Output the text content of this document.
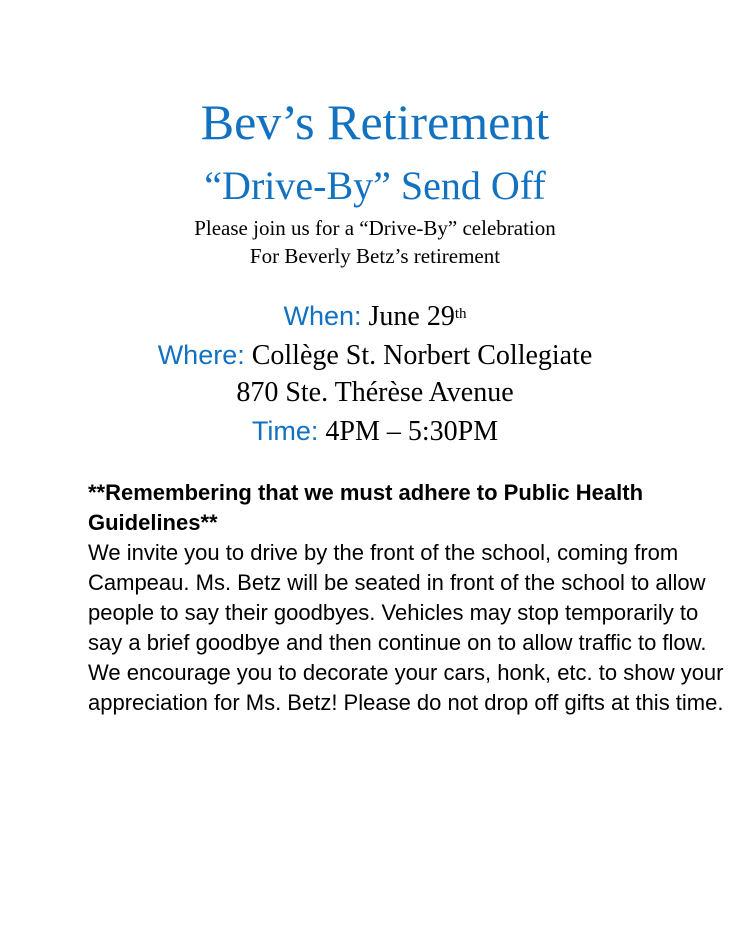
Bev’s Retirement
“Drive-By” Send Off
Please join us for a “Drive-By” celebration
For Beverly Betz’s retirement
When: June 29th
Where: Collège St. Norbert Collegiate
870 Ste. Thérèse Avenue
Time: 4PM – 5:30PM

**Remembering that we must adhere to Public Health Guidelines**

We invite you to drive by the front of the school, coming from Campeau. Ms. Betz will be seated in front of the school to allow people to say their goodbyes. Vehicles may stop temporarily to say a brief goodbye and then continue on to allow traffic to flow.

We encourage you to decorate your cars, honk, etc. to show your appreciation for Ms. Betz! Please do not drop off gifts at this time.
